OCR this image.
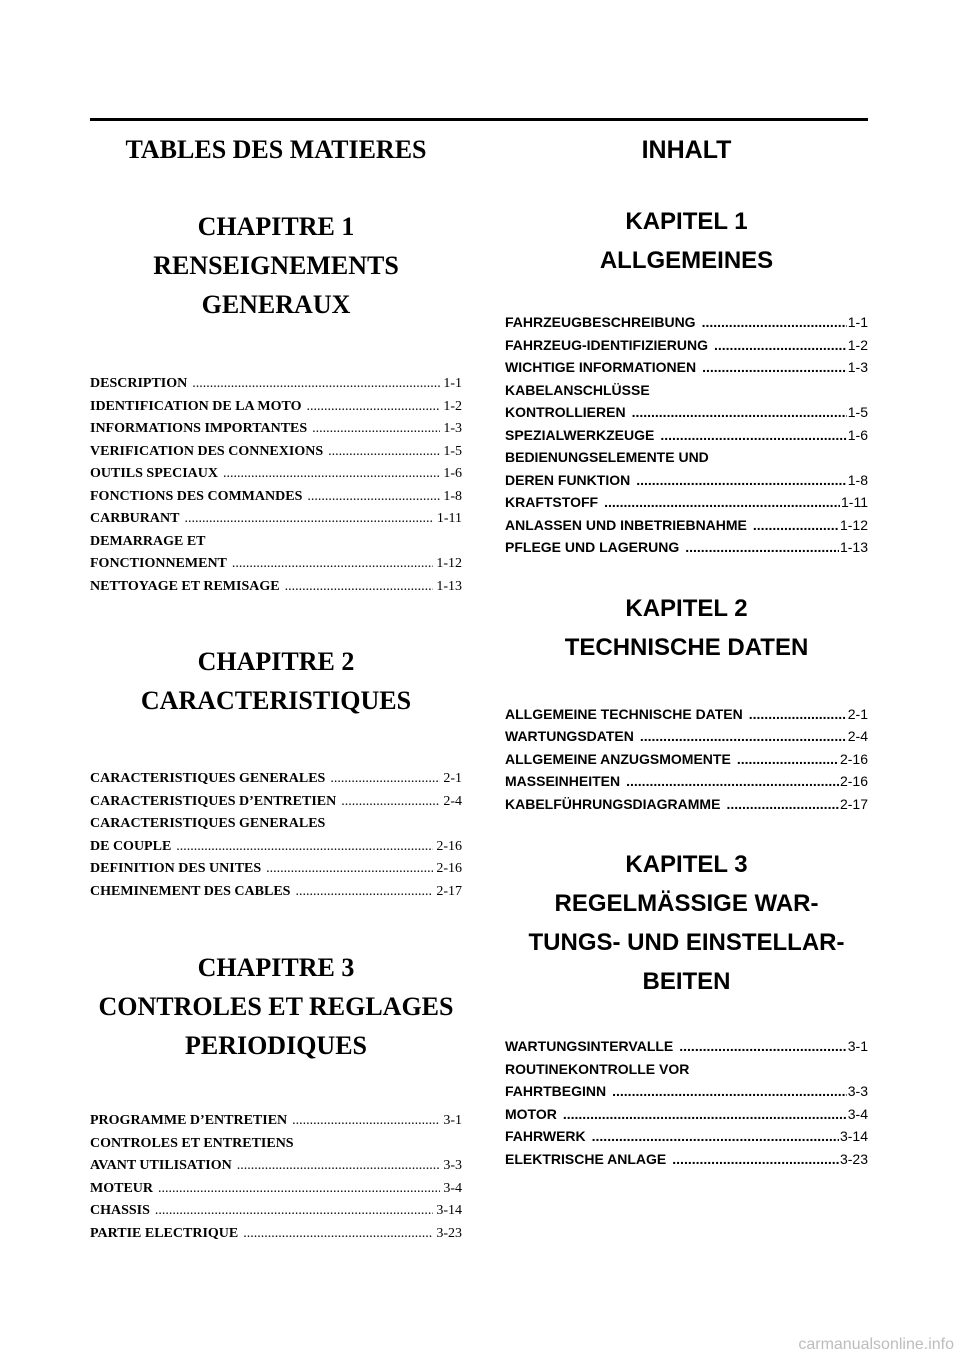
TABLES DES MATIERES
CHAPITRE 1
RENSEIGNEMENTS
GENERAUX
DESCRIPTION .....	1-1
IDENTIFICATION DE LA MOTO .....	1-2
INFORMATIONS IMPORTANTES .....	1-3
VERIFICATION DES CONNEXIONS .....	1-5
OUTILS SPECIAUX .....	1-6
FONCTIONS DES COMMANDES .....	1-8
CARBURANT .....	1-11
DEMARRAGE ET
FONCTIONNEMENT .....	1-12
NETTOYAGE ET REMISAGE .....	1-13
CHAPITRE 2
CARACTERISTIQUES
CARACTERISTIQUES GENERALES .....	2-1
CARACTERISTIQUES D’ENTRETIEN .....	2-4
CARACTERISTIQUES GENERALES
DE COUPLE .....	2-16
DEFINITION DES UNITES .....	2-16
CHEMINEMENT DES CABLES .....	2-17
CHAPITRE 3
CONTROLES ET REGLAGES
PERIODIQUES
PROGRAMME D’ENTRETIEN .....	3-1
CONTROLES ET ENTRETIENS
AVANT UTILISATION .....	3-3
MOTEUR .....	3-4
CHASSIS .....	3-14
PARTIE ELECTRIQUE .....	3-23
INHALT
KAPITEL 1
ALLGEMEINES
FAHRZEUGBESCHREIBUNG .....	1-1
FAHRZEUG-IDENTIFIZIERUNG .....	1-2
WICHTIGE INFORMATIONEN .....	1-3
KABELANSCHLÜSSE
KONTROLLIEREN .....	1-5
SPEZIALWERKZEUGE .....	1-6
BEDIENUNGSELEMENTE UND
DEREN FUNKTION .....	1-8
KRAFTSTOFF .....	1-11
ANLASSEN UND INBETRIEBNAHME .....	1-12
PFLEGE UND LAGERUNG .....	1-13
KAPITEL 2
TECHNISCHE DATEN
ALLGEMEINE TECHNISCHE DATEN .....	2-1
WARTUNGSDATEN .....	2-4
ALLGEMEINE ANZUGSMOMENTE .....	2-16
MASSEINHEITEN .....	2-16
KABELFÜHRUNGSDIAGRAMME .....	2-17
KAPITEL 3
REGELMÄSSIGE WAR-
TUNGS- UND EINSTELLAR-
BEITEN
WARTUNGSINTERVALLE .....	3-1
ROUTINEKONTROLLE VOR
FAHRTBEGINN .....	3-3
MOTOR .....	3-4
FAHRWERK .....	3-14
ELEKTRISCHE ANLAGE .....	3-23
carmanualsonline.info
